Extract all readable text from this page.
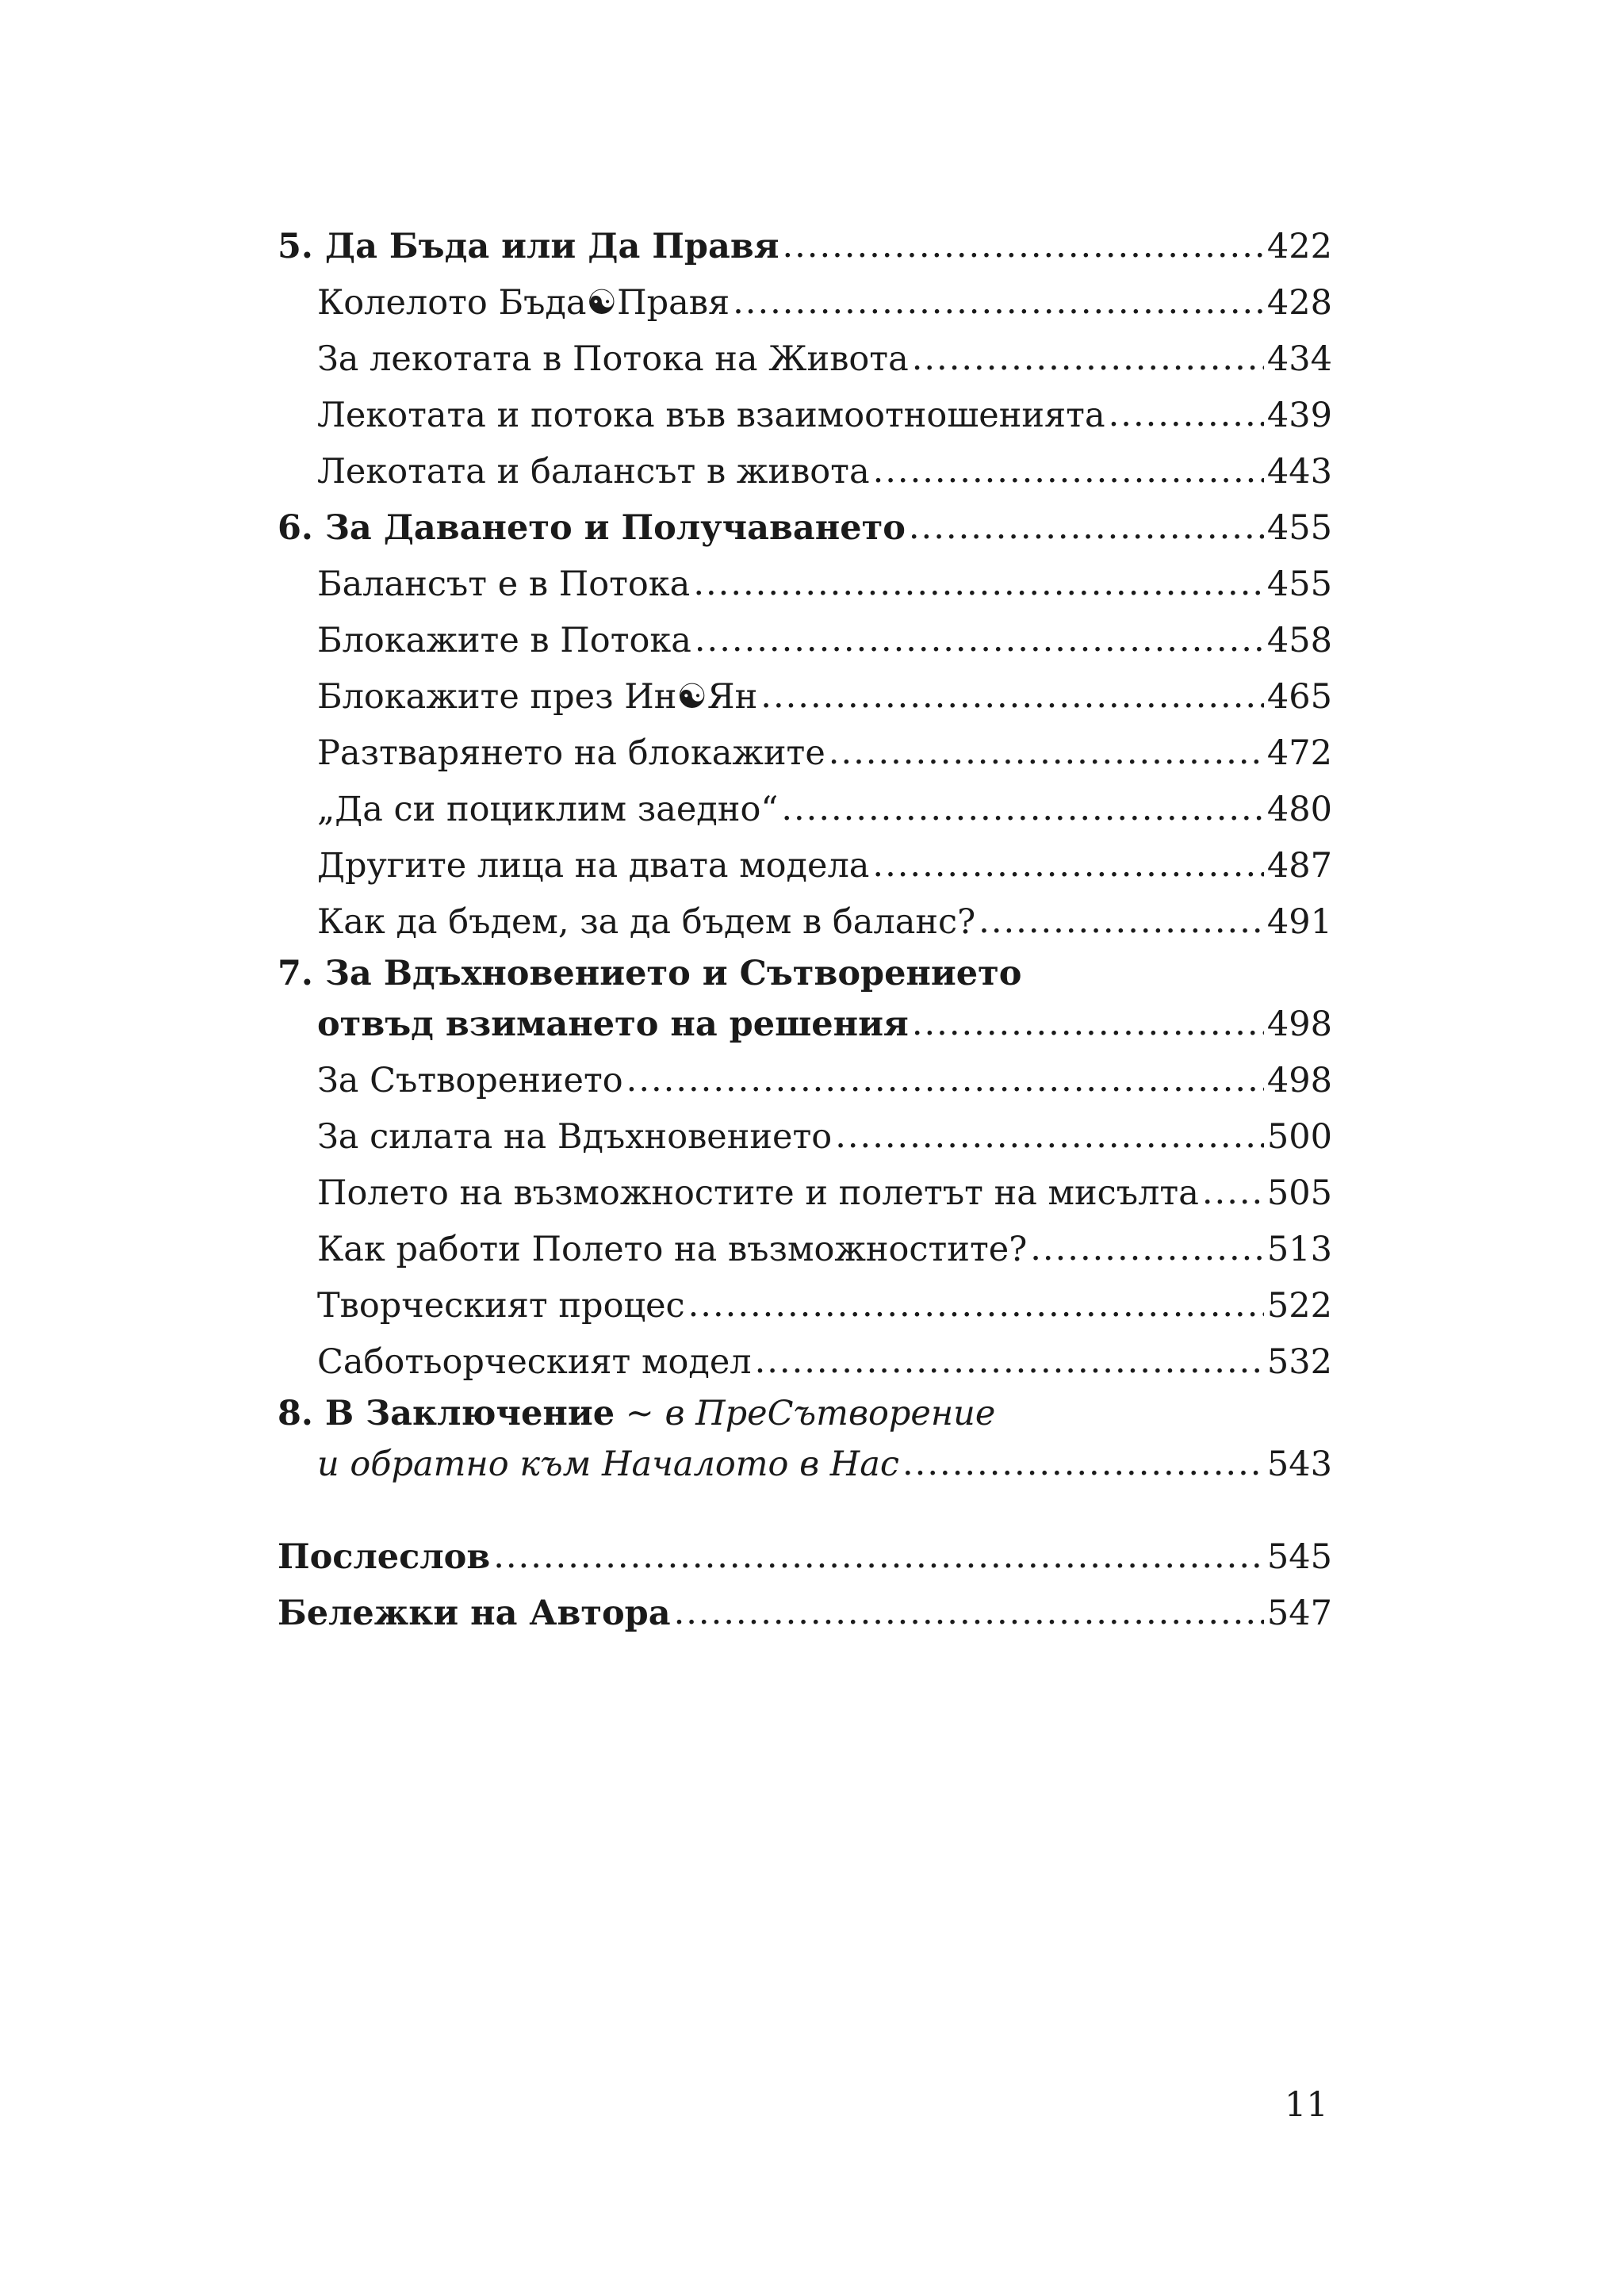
5. Да Бъда или Да Правя .....	422
Колелото Бъда☯Правя .....	428
За лекотата в Потока на Живота .....	434
Лекотата и потока във взаимоотношенията .....	439
Лекотата и балансът в живота .....	443
6. За Даването и Получаването .....	455
Балансът е в Потока .....	455
Блокажите в Потока .....	458
Блокажите през Ин☯Ян .....	465
Разтварянето на блокажите .....	472
„Да си поциклим заедно“ .....	480
Другите лица на двата модела .....	487
Как да бъдем, за да бъдем в баланс? .....	491
7. За Вдъхновението и Сътворението
отвъд взимането на решения .....	498
За Сътворението .....	498
За силата на Вдъхновението .....	500
Полето на възможностите и полетът на мисълта ..... 505
Как работи Полето на възможностите? .....	513
Творческият процес .....	522
Саботьорческият модел .....	532
8. В Заключение ~ в ПреСътворение
и обратно към Началото в Нас .....	543
Послеслов .....	545
Бележки на Автора .....	547
11
